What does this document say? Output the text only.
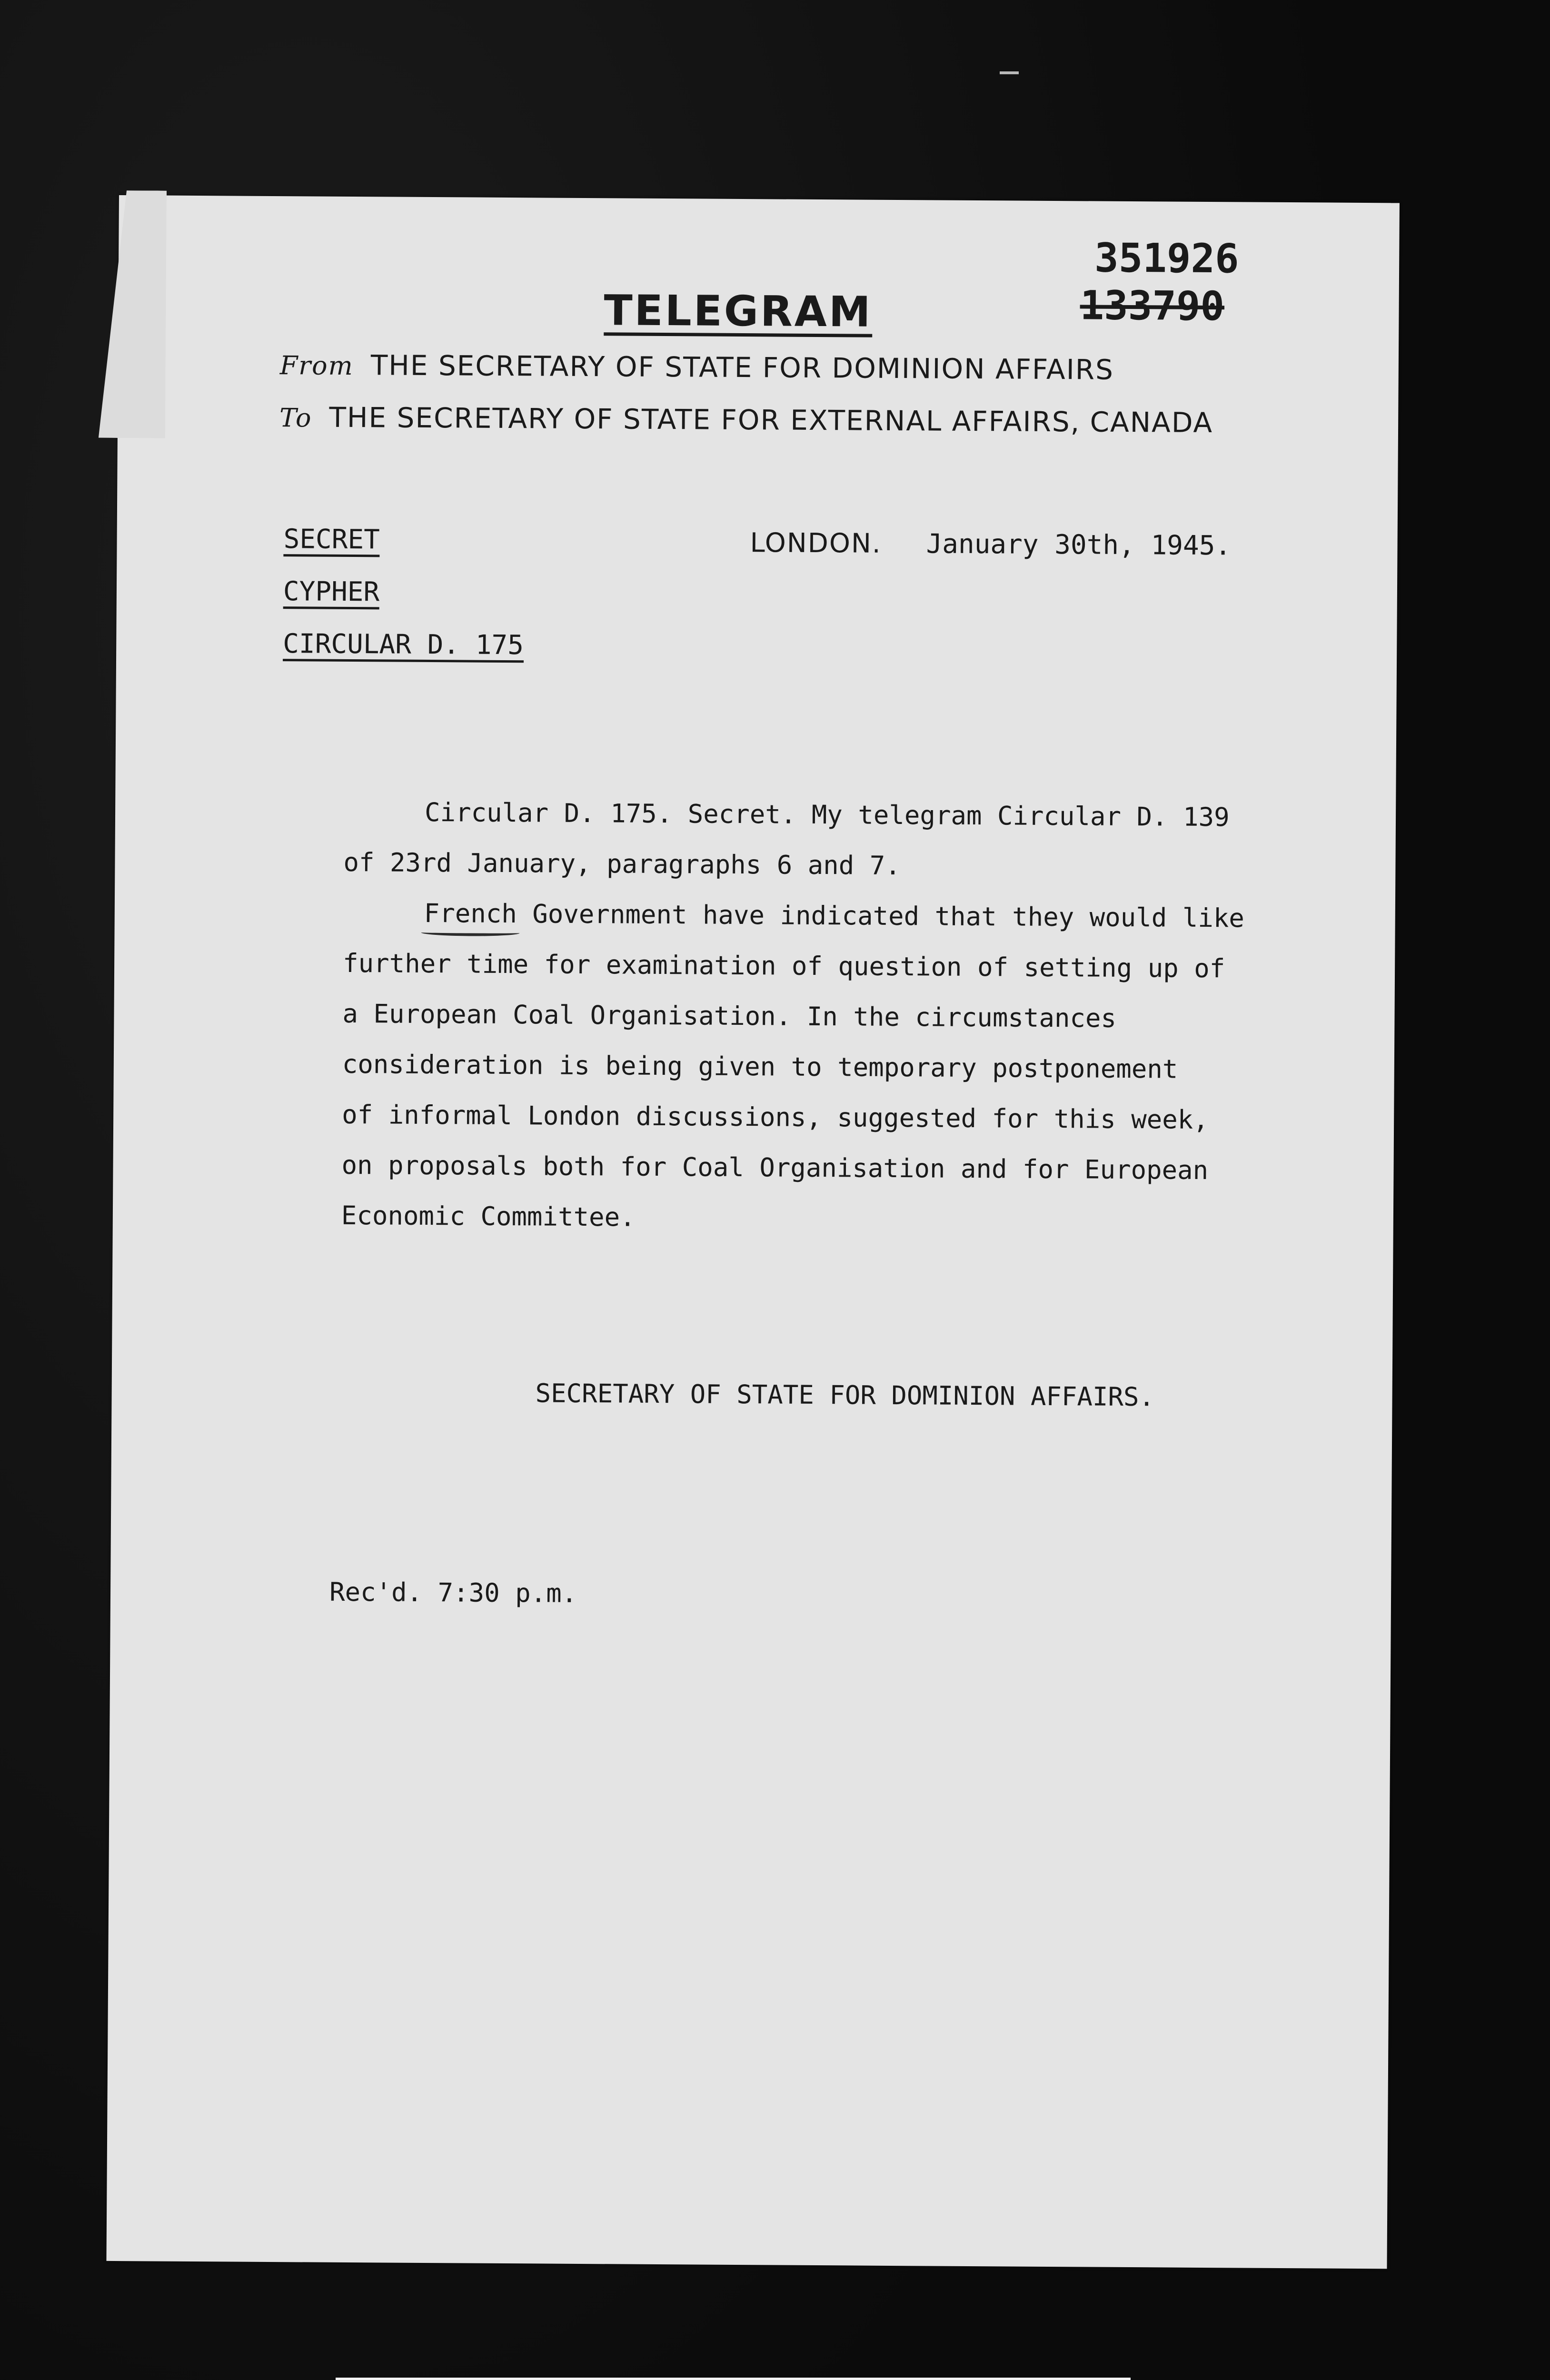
351926
133790
TELEGRAM
From THE SECRETARY OF STATE FOR DOMINION AFFAIRS
To THE SECRETARY OF STATE FOR EXTERNAL AFFAIRS, CANADA
SECRET
CYPHER
CIRCULAR D. 175
LONDON. January 30th, 1945.

Circular D. 175. Secret. My telegram Circular D. 139

of 23rd January, paragraphs 6 and 7.

French Government have indicated that they would like

further time for examination of question of setting up of

a European Coal Organisation. In the circumstances

consideration is being given to temporary postponement

of informal London discussions, suggested for this week,

on proposals both for Coal Organisation and for European

Economic Committee.

SECRETARY OF STATE FOR DOMINION AFFAIRS.
Rec'd. 7:30 p.m.
